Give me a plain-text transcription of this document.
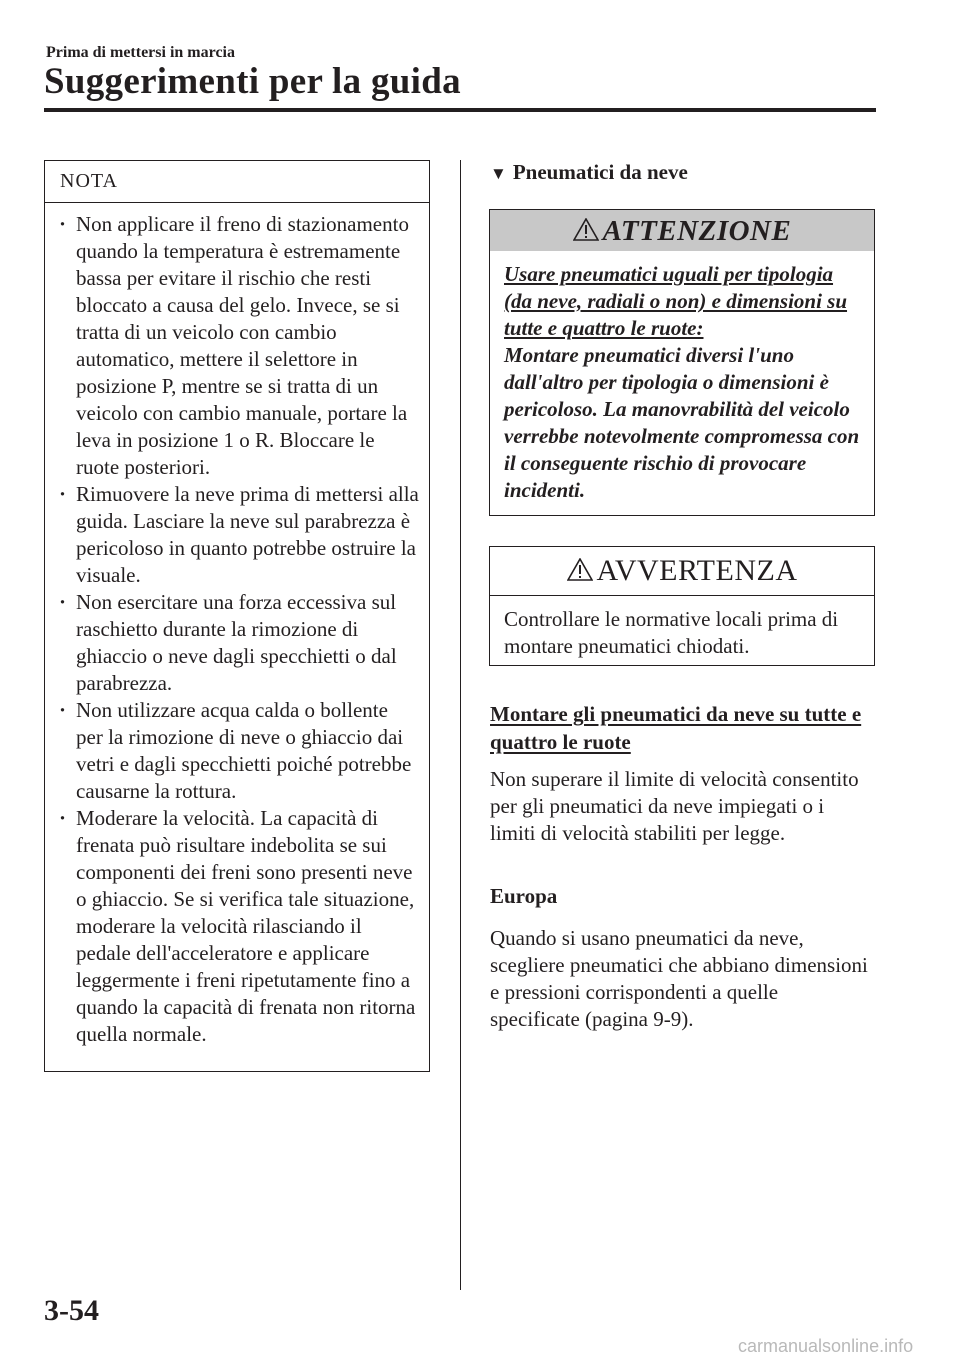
Prima di mettersi in marcia
Suggerimenti per la guida
NOTA
· Non applicare il freno di stazionamento quando la temperatura è estremamente bassa per evitare il rischio che resti bloccato a causa del gelo. Invece, se si tratta di un veicolo con cambio automatico, mettere il selettore in posizione P, mentre se si tratta di un veicolo con cambio manuale, portare la leva in posizione 1 o R. Bloccare le ruote posteriori.
· Rimuovere la neve prima di mettersi alla guida. Lasciare la neve sul parabrezza è pericoloso in quanto potrebbe ostruire la visuale.
· Non esercitare una forza eccessiva sul raschietto durante la rimozione di ghiaccio o neve dagli specchietti o dal parabrezza.
· Non utilizzare acqua calda o bollente per la rimozione di neve o ghiaccio dai vetri e dagli specchietti poiché potrebbe causarne la rottura.
· Moderare la velocità. La capacità di frenata può risultare indebolita se sui componenti dei freni sono presenti neve o ghiaccio. Se si verifica tale situazione, moderare la velocità rilasciando il pedale dell'acceleratore e applicare leggermente i freni ripetutamente fino a quando la capacità di frenata non ritorna quella normale.
▼ Pneumatici da neve
ATTENZIONE
Usare pneumatici uguali per tipologia (da neve, radiali o non) e dimensioni su tutte e quattro le ruote:
Montare pneumatici diversi l'uno dall'altro per tipologia o dimensioni è pericoloso. La manovrabilità del veicolo verrebbe notevolmente compromessa con il conseguente rischio di provocare incidenti.
AVVERTENZA
Controllare le normative locali prima di montare pneumatici chiodati.
Montare gli pneumatici da neve su tutte e quattro le ruote
Non superare il limite di velocità consentito per gli pneumatici da neve impiegati o i limiti di velocità stabiliti per legge.
Europa
Quando si usano pneumatici da neve, scegliere pneumatici che abbiano dimensioni e pressioni corrispondenti a quelle specificate (pagina 9-9).
3-54
carmanualsonline.info
